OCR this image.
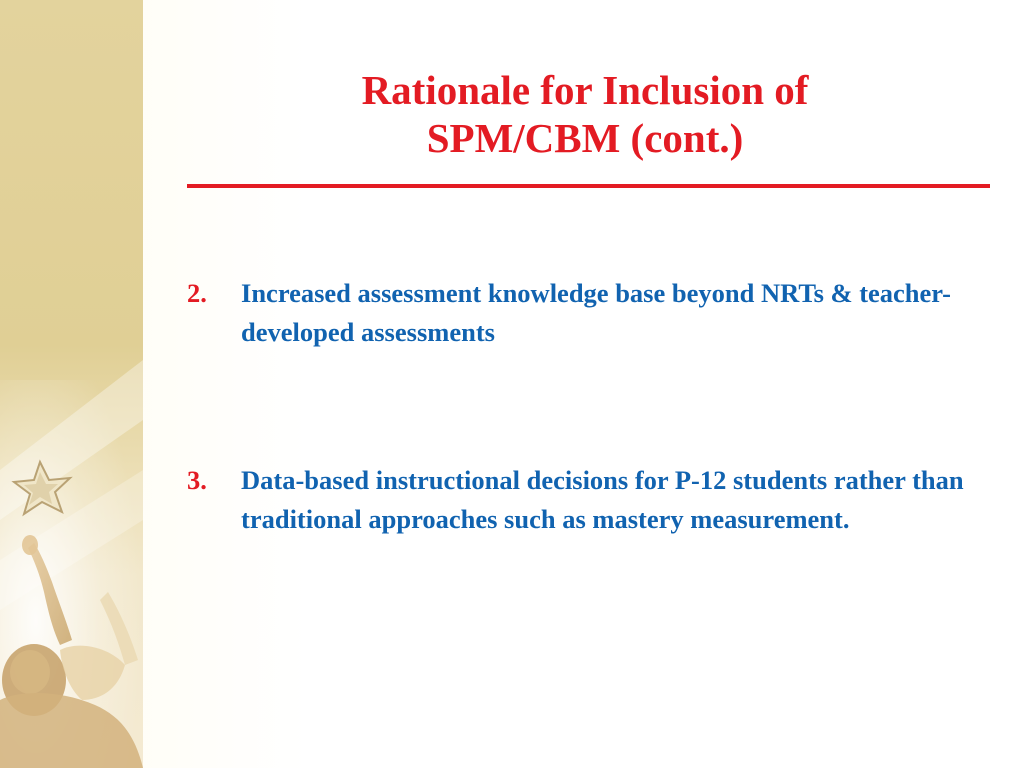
Rationale for Inclusion of
SPM/CBM (cont.)
2. Increased assessment knowledge base beyond NRTs & teacher-developed assessments
3. Data-based instructional decisions for P-12 students rather than traditional approaches such as mastery measurement.
